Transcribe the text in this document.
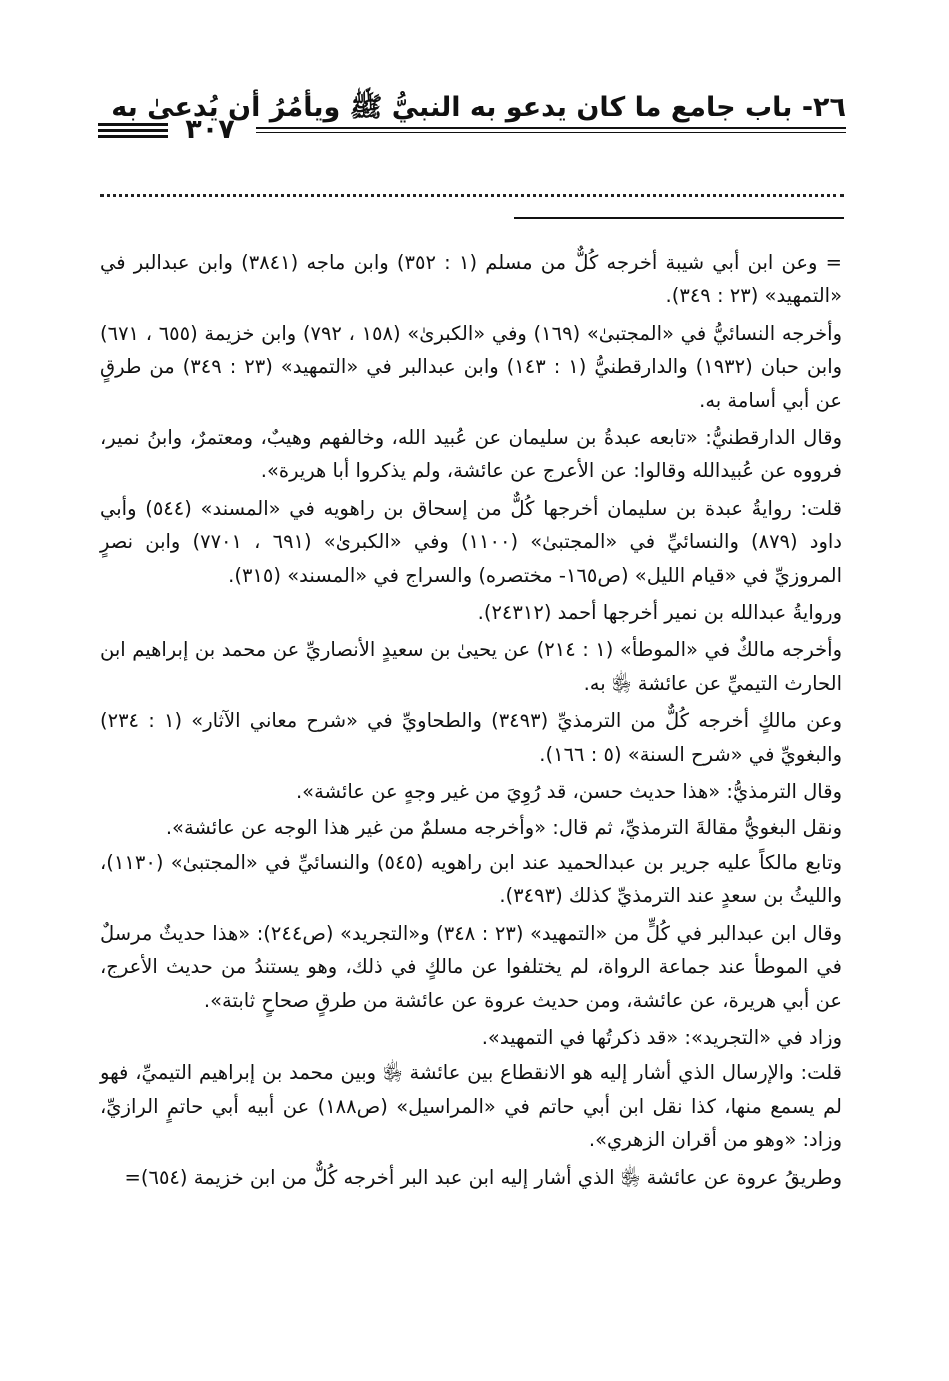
٢٦- باب جامع ما كان يدعو به النبيُّ ﷺ ويأمُرُ أن يُدعىٰ به
٣٠٧

= وعن ابن أبي شيبة أخرجه كُلٌّ من مسلم (١ : ٣٥٢) وابن ماجه (٣٨٤١) وابن عبدالبر في «التمهيد» (٢٣ : ٣٤٩).

وأخرجه النسائيُّ في «المجتبىٰ» (١٦٩) وفي «الكبرىٰ» (١٥٨ ، ٧٩٢) وابن خزيمة (٦٥٥ ، ٦٧١) وابن حبان (١٩٣٢) والدارقطنيُّ (١ : ١٤٣) وابن عبدالبر في «التمهيد» (٢٣ : ٣٤٩) من طرقٍ عن أبي أسامة به.

وقال الدارقطنيُّ: «تابعه عبدةُ بن سليمان عن عُبيد الله، وخالفهم وهيبٌ، ومعتمرٌ، وابنُ نمير، فرووه عن عُبيدالله وقالوا: عن الأعرج عن عائشة، ولم يذكروا أبا هريرة».

قلت: روايةُ عبدة بن سليمان أخرجها كُلٌّ من إسحاق بن راهويه في «المسند» (٥٤٤) وأبي داود (٨٧٩) والنسائيِّ في «المجتبىٰ» (١١٠٠) وفي «الكبرىٰ» (٦٩١ ، ٧٧٠١) وابن نصرٍ المروزيِّ في «قيام الليل» (ص١٦٥- مختصره) والسراج في «المسند» (٣١٥).

وروايةُ عبدالله بن نمير أخرجها أحمد (٢٤٣١٢).

وأخرجه مالكٌ في «الموطأ» (١ : ٢١٤) عن يحيىٰ بن سعيدٍ الأنصاريِّ عن محمد بن إبراهيم ابن الحارث التيميِّ عن عائشة ﵂ به.

وعن مالكٍ أخرجه كُلٌّ من الترمذيِّ (٣٤٩٣) والطحاويِّ في «شرح معاني الآثار» (١ : ٢٣٤) والبغويِّ في «شرح السنة» (٥ : ١٦٦).

وقال الترمذيُّ: «هذا حديث حسن، قد رُوِيَ من غير وجهٍ عن عائشة».

ونقل البغويُّ مقالةَ الترمذيِّ، ثم قال: «وأخرجه مسلمٌ من غير هذا الوجه عن عائشة».

وتابع مالكاً عليه جرير بن عبدالحميد عند ابن راهويه (٥٤٥) والنسائيِّ في «المجتبىٰ» (١١٣٠)، والليثُ بن سعدٍ عند الترمذيِّ كذلك (٣٤٩٣).

وقال ابن عبدالبر في كُلٍّ من «التمهيد» (٢٣ : ٣٤٨) و«التجريد» (ص٢٤٤): «هذا حديثٌ مرسلٌ في الموطأ عند جماعة الرواة، لم يختلفوا عن مالكٍ في ذلك، وهو يستندُ من حديث الأعرج، عن أبي هريرة، عن عائشة، ومن حديث عروة عن عائشة من طرقٍ صحاحٍ ثابتة».

وزاد في «التجريد»: «قد ذكرتُها في التمهيد».

قلت: والإرسال الذي أشار إليه هو الانقطاع بين عائشة ﵂ وبين محمد بن إبراهيم التيميِّ، فهو لم يسمع منها، كذا نقل ابن أبي حاتم في «المراسيل» (ص١٨٨) عن أبيه أبي حاتمٍ الرازيِّ، وزاد: «وهو من أقران الزهري».

وطريقُ عروة عن عائشة ﵂ الذي أشار إليه ابن عبد البر أخرجه كُلٌّ من ابن خزيمة (٦٥٤)=
